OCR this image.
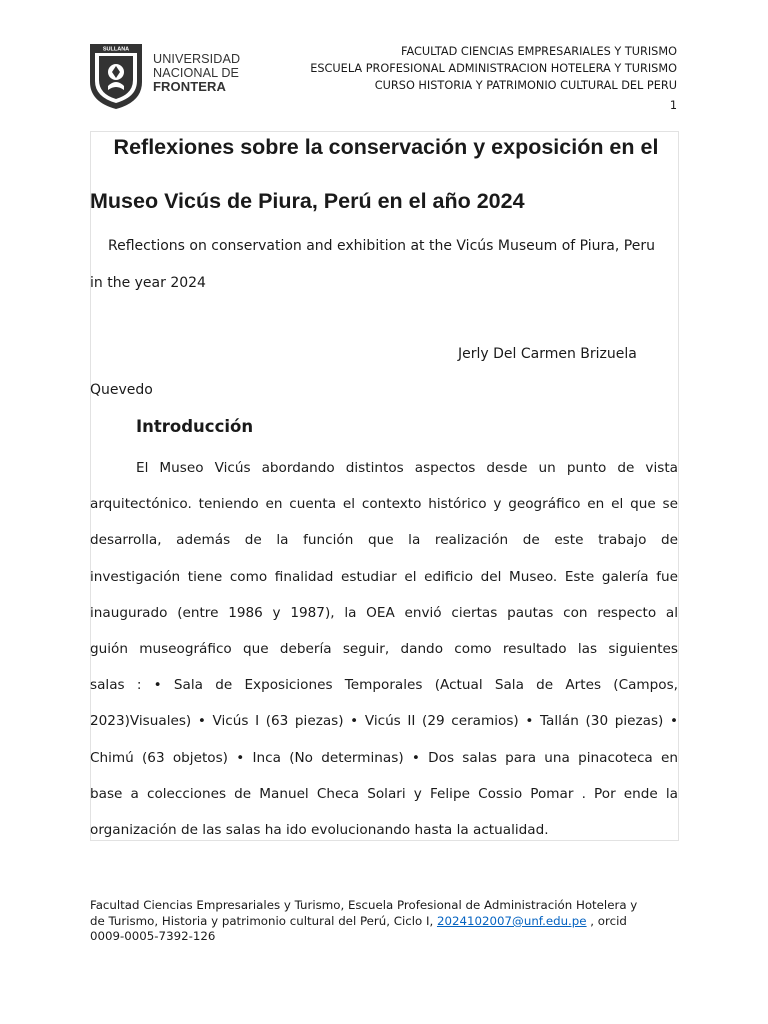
SULLANA
UNIVERSIDAD
NACIONAL DE
FRONTERA
FACULTAD CIENCIAS EMPRESARIALES Y TURISMO
ESCUELA PROFESIONAL ADMINISTRACION HOTELERA Y TURISMO
CURSO HISTORIA Y PATRIMONIO CULTURAL DEL PERU
1
Reflexiones sobre la conservación y exposición en el
Museo Vicús de Piura, Perú en el año 2024
Reflections on conservation and exhibition at the Vicús Museum of Piura, Peru
in the year 2024
Jerly Del Carmen Brizuela
Quevedo
Introducción
El Museo Vicús abordando distintos aspectos desde un punto de vista
arquitectónico. teniendo en cuenta el contexto histórico y geográfico en el que se
desarrolla, además de la función que la realización de este trabajo de
investigación tiene como finalidad estudiar el edificio del Museo. Este galería fue
inaugurado (entre 1986 y 1987), la OEA envió ciertas pautas con respecto al
guión museográfico que debería seguir, dando como resultado las siguientes
salas : • Sala de Exposiciones Temporales (Actual Sala de Artes (Campos,
2023)Visuales) • Vicús I (63 piezas) • Vicús II (29 ceramios) • Tallán (30 piezas) •
Chimú (63 objetos) • Inca (No determinas) • Dos salas para una pinacoteca en
base a colecciones de Manuel Checa Solari y Felipe Cossio Pomar . Por ende la
organización de las salas ha ido evolucionando hasta la actualidad.
Facultad Ciencias Empresariales y Turismo, Escuela Profesional de Administración Hotelera y
de Turismo, Historia y patrimonio cultural del Perú, Ciclo I, 2024102007@unf.edu.pe , orcid
0009-0005-7392-126
